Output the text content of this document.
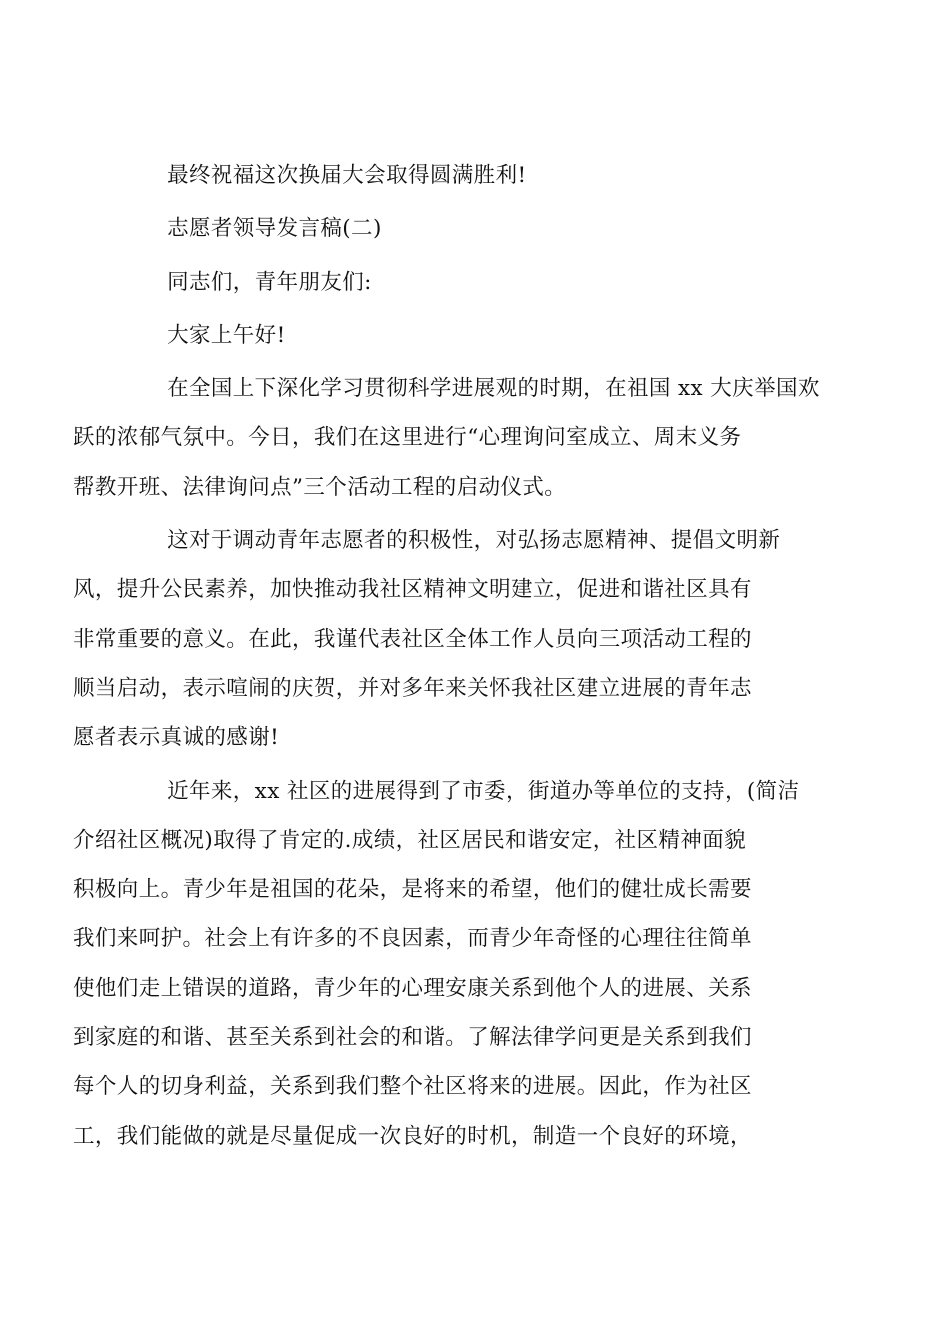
最终祝福这次换届大会取得圆满胜利!

志愿者领导发言稿(二)

同志们，青年朋友们:

大家上午好!

在全国上下深化学习贯彻科学进展观的时期，在祖国 xx 大庆举国欢
跃的浓郁气氛中。今日，我们在这里进行“心理询问室成立、周末义务
帮教开班、法律询问点”三个活动工程的启动仪式。

这对于调动青年志愿者的积极性，对弘扬志愿精神、提倡文明新
风，提升公民素养，加快推动我社区精神文明建立，促进和谐社区具有
非常重要的意义。在此，我谨代表社区全体工作人员向三项活动工程的
顺当启动，表示喧闹的庆贺，并对多年来关怀我社区建立进展的青年志
愿者表示真诚的感谢!

近年来，xx 社区的进展得到了市委，街道办等单位的支持，(简洁
介绍社区概况)取得了肯定的.成绩，社区居民和谐安定，社区精神面貌
积极向上。青少年是祖国的花朵，是将来的希望，他们的健壮成长需要
我们来呵护。社会上有许多的不良因素，而青少年奇怪的心理往往简单
使他们走上错误的道路，青少年的心理安康关系到他个人的进展、关系
到家庭的和谐、甚至关系到社会的和谐。了解法律学问更是关系到我们
每个人的切身利益，关系到我们整个社区将来的进展。因此，作为社区
工，我们能做的就是尽量促成一次良好的时机，制造一个良好的环境，
